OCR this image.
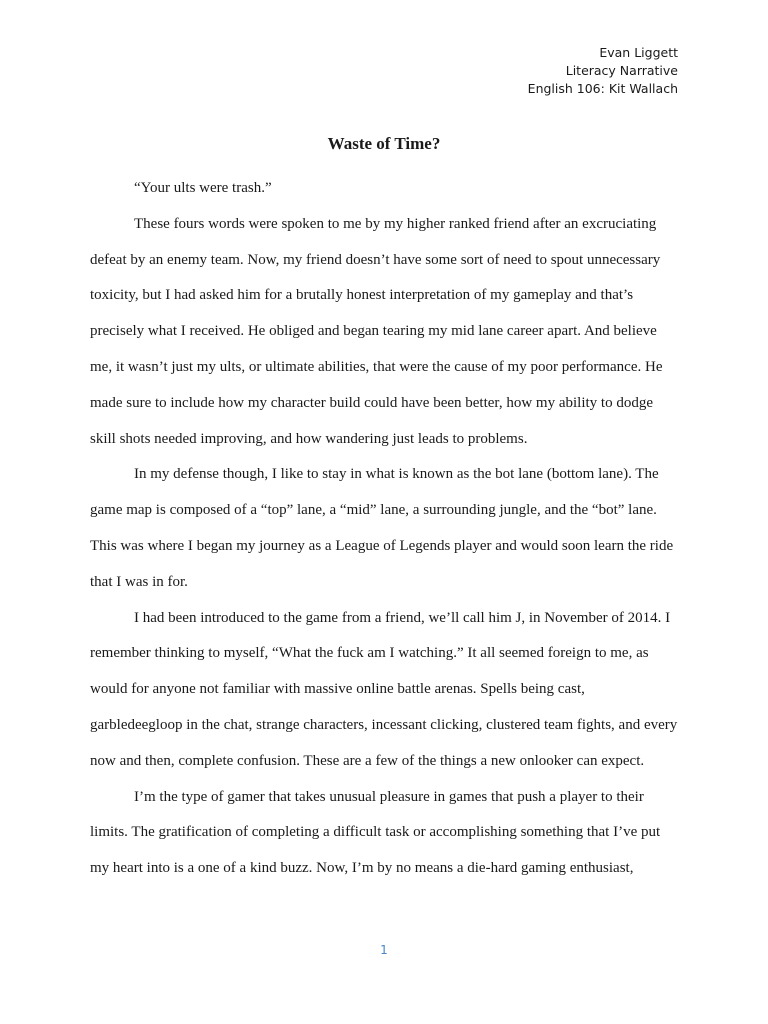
Evan Liggett
Literacy Narrative
English 106: Kit Wallach
Waste of Time?

“Your ults were trash.”

These fours words were spoken to me by my higher ranked friend after an excruciating defeat by an enemy team. Now, my friend doesn’t have some sort of need to spout unnecessary toxicity, but I had asked him for a brutally honest interpretation of my gameplay and that’s precisely what I received. He obliged and began tearing my mid lane career apart. And believe me, it wasn’t just my ults, or ultimate abilities, that were the cause of my poor performance. He made sure to include how my character build could have been better, how my ability to dodge skill shots needed improving, and how wandering just leads to problems.

In my defense though, I like to stay in what is known as the bot lane (bottom lane). The game map is composed of a “top” lane, a “mid” lane, a surrounding jungle, and the “bot” lane. This was where I began my journey as a League of Legends player and would soon learn the ride that I was in for.

I had been introduced to the game from a friend, we’ll call him J, in November of 2014. I remember thinking to myself, “What the fuck am I watching.” It all seemed foreign to me, as would for anyone not familiar with massive online battle arenas. Spells being cast, garbledeegloop in the chat, strange characters, incessant clicking, clustered team fights, and every now and then, complete confusion. These are a few of the things a new onlooker can expect.

I’m the type of gamer that takes unusual pleasure in games that push a player to their limits. The gratification of completing a difficult task or accomplishing something that I’ve put my heart into is a one of a kind buzz. Now, I’m by no means a die-hard gaming enthusiast,

1
